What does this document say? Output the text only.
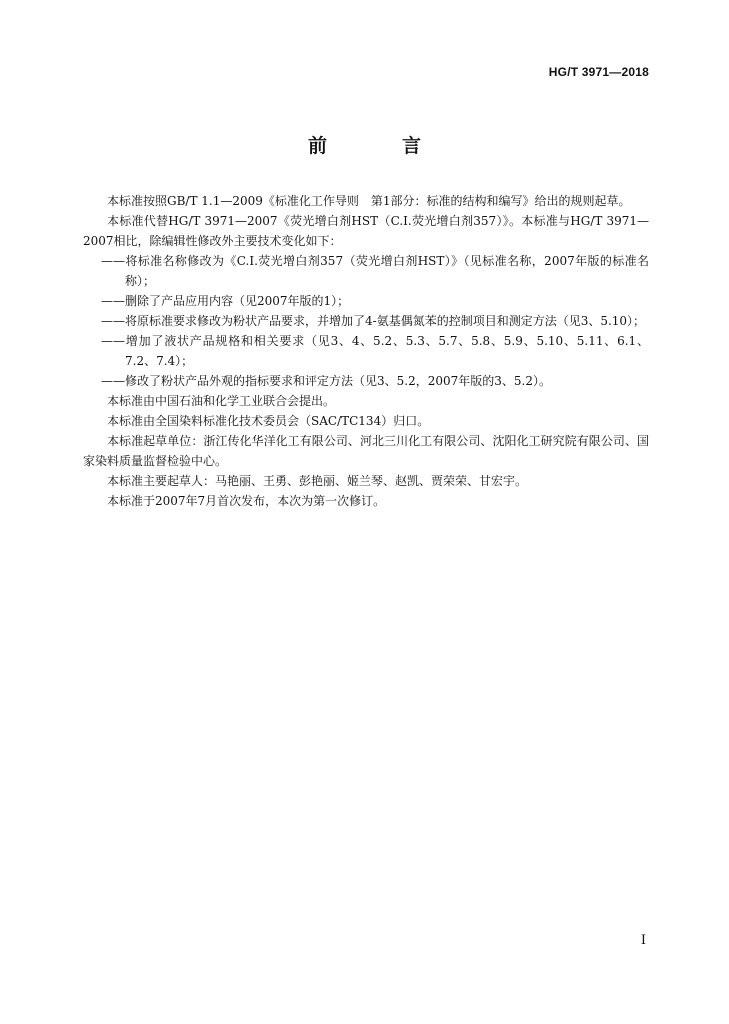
HG/T 3971—2018
前　言

本标准按照GB/T 1.1—2009《标准化工作导则　第1部分：标准的结构和编写》给出的规则起草。

本标准代替HG/T 3971—2007《荧光增白剂HST（C.I.荧光增白剂357）》。本标准与HG/T 3971—2007相比，除编辑性修改外主要技术变化如下：

——将标准名称修改为《C.I.荧光增白剂357（荧光增白剂HST）》（见标准名称，2007年版的标准名称）；

——删除了产品应用内容（见2007年版的1）；

——将原标准要求修改为粉状产品要求，并增加了4-氨基偶氮苯的控制项目和测定方法（见3、5.10）；

——增加了液状产品规格和相关要求（见3、4、5.2、5.3、5.7、5.8、5.9、5.10、5.11、6.1、7.2、7.4）；

——修改了粉状产品外观的指标要求和评定方法（见3、5.2，2007年版的3、5.2）。

本标准由中国石油和化学工业联合会提出。

本标准由全国染料标准化技术委员会（SAC/TC134）归口。

本标准起草单位：浙江传化华洋化工有限公司、河北三川化工有限公司、沈阳化工研究院有限公司、国家染料质量监督检验中心。

本标准主要起草人：马艳丽、王勇、彭艳丽、姬兰琴、赵凯、贾荣荣、甘宏宇。

本标准于2007年7月首次发布，本次为第一次修订。

I
